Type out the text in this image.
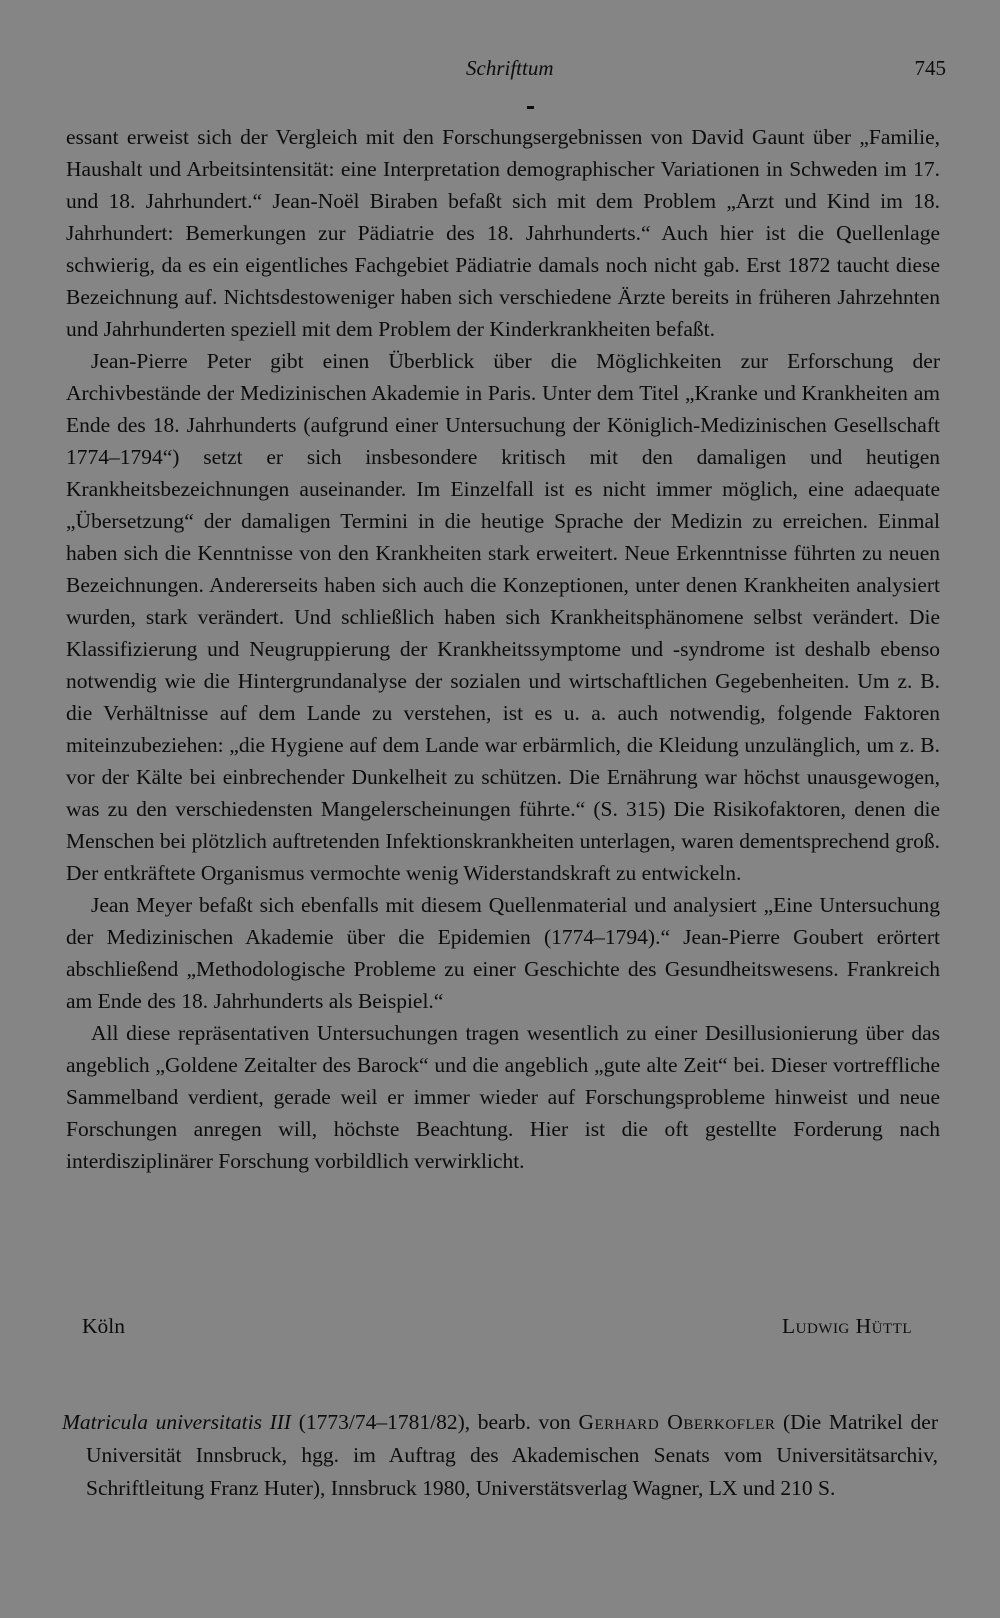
Schrifttum	745

essant erweist sich der Vergleich mit den Forschungsergebnissen von David Gaunt über „Familie, Haushalt und Arbeitsintensität: eine Interpretation demographischer Variationen in Schweden im 17. und 18. Jahrhundert.“ Jean-Noël Biraben befaßt sich mit dem Problem „Arzt und Kind im 18. Jahrhundert: Bemerkungen zur Pädiatrie des 18. Jahrhunderts.“ Auch hier ist die Quellenlage schwierig, da es ein eigentliches Fachgebiet Pädiatrie damals noch nicht gab. Erst 1872 taucht diese Bezeichnung auf. Nichtsdestoweniger haben sich verschiedene Ärzte bereits in früheren Jahrzehnten und Jahrhunderten speziell mit dem Problem der Kinderkrankheiten befaßt.

Jean-Pierre Peter gibt einen Überblick über die Möglichkeiten zur Erforschung der Archivbestände der Medizinischen Akademie in Paris. Unter dem Titel „Kranke und Krankheiten am Ende des 18. Jahrhunderts (aufgrund einer Untersuchung der Königlich-Medizinischen Gesellschaft 1774–1794“) setzt er sich insbesondere kritisch mit den damaligen und heutigen Krankheitsbezeichnungen auseinander. Im Einzelfall ist es nicht immer möglich, eine adaequate „Übersetzung“ der damaligen Termini in die heutige Sprache der Medizin zu erreichen. Einmal haben sich die Kenntnisse von den Krankheiten stark erweitert. Neue Erkenntnisse führten zu neuen Bezeichnungen. Andererseits haben sich auch die Konzeptionen, unter denen Krankheiten analysiert wurden, stark verändert. Und schließlich haben sich Krankheitsphänomene selbst verändert. Die Klassifizierung und Neugruppierung der Krankheitssymptome und -syndrome ist deshalb ebenso notwendig wie die Hintergrundanalyse der sozialen und wirtschaftlichen Gegebenheiten. Um z. B. die Verhältnisse auf dem Lande zu verstehen, ist es u. a. auch notwendig, folgende Faktoren miteinzubeziehen: „die Hygiene auf dem Lande war erbärmlich, die Kleidung unzulänglich, um z. B. vor der Kälte bei einbrechender Dunkelheit zu schützen. Die Ernährung war höchst unausgewogen, was zu den verschiedensten Mangelerscheinungen führte.“ (S. 315) Die Risikofaktoren, denen die Menschen bei plötzlich auftretenden Infektionskrankheiten unterlagen, waren dementsprechend groß. Der entkräftete Organismus vermochte wenig Widerstandskraft zu entwickeln.

Jean Meyer befaßt sich ebenfalls mit diesem Quellenmaterial und analysiert „Eine Untersuchung der Medizinischen Akademie über die Epidemien (1774–1794).“ Jean-Pierre Goubert erörtert abschließend „Methodologische Probleme zu einer Geschichte des Gesundheitswesens. Frankreich am Ende des 18. Jahrhunderts als Beispiel.“

All diese repräsentativen Untersuchungen tragen wesentlich zu einer Desillusionierung über das angeblich „Goldene Zeitalter des Barock“ und die angeblich „gute alte Zeit“ bei. Dieser vortreffliche Sammelband verdient, gerade weil er immer wieder auf Forschungsprobleme hinweist und neue Forschungen anregen will, höchste Beachtung. Hier ist die oft gestellte Forderung nach interdisziplinärer Forschung vorbildlich verwirklicht.

Köln	Ludwig Hüttl
Matricula universitatis III (1773/74–1781/82), bearb. von Gerhard Oberkofler (Die Matrikel der Universität Innsbruck, hgg. im Auftrag des Akademischen Senats vom Universitätsarchiv, Schriftleitung Franz Huter), Innsbruck 1980, Universtätsverlag Wagner, LX und 210 S.
